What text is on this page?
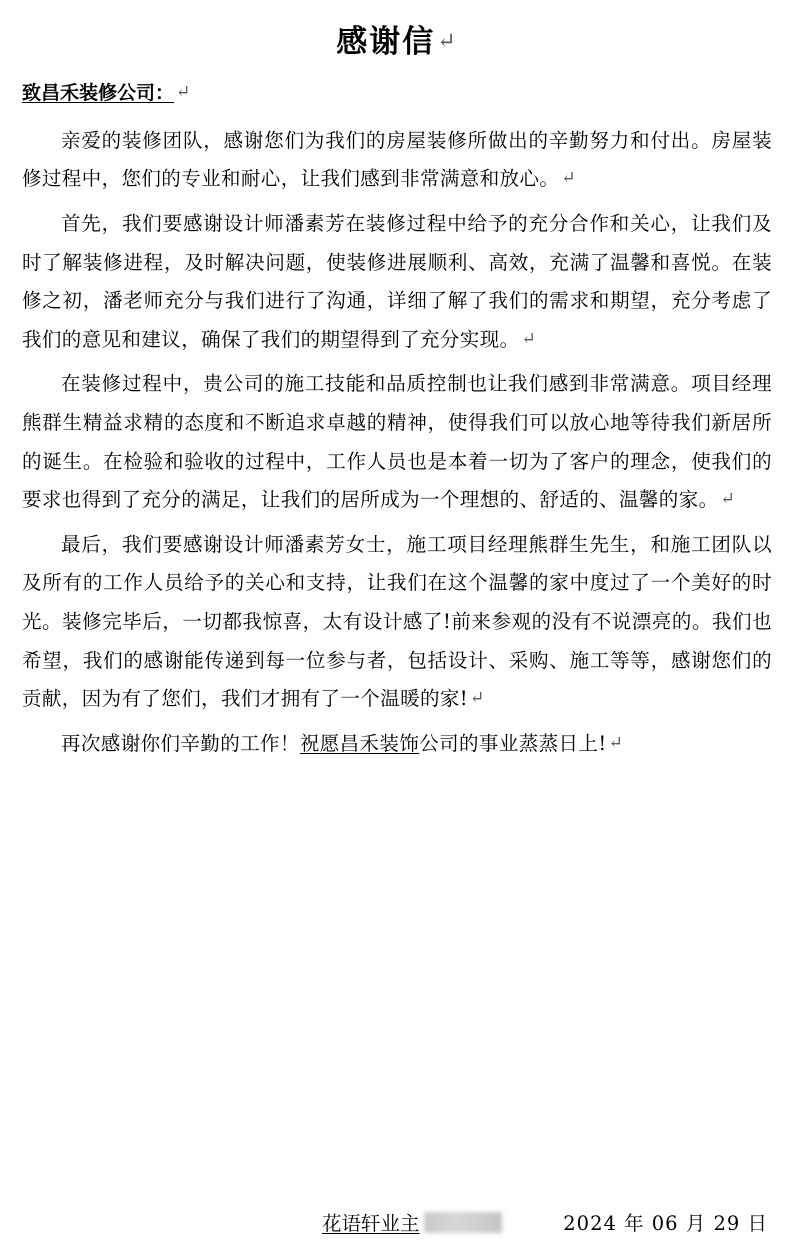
感谢信↵
致昌禾装修公司： ↵

亲爱的装修团队，感谢您们为我们的房屋装修所做出的辛勤努力和付出。房屋装修过程中，您们的专业和耐心，让我们感到非常满意和放心。 ↵

首先，我们要感谢设计师潘素芳在装修过程中给予的充分合作和关心，让我们及时了解装修进程，及时解决问题，使装修进展顺利、高效，充满了温馨和喜悦。在装修之初，潘老师充分与我们进行了沟通，详细了解了我们的需求和期望，充分考虑了我们的意见和建议，确保了我们的期望得到了充分实现。 ↵

在装修过程中，贵公司的施工技能和品质控制也让我们感到非常满意。项目经理熊群生精益求精的态度和不断追求卓越的精神，使得我们可以放心地等待我们新居所的诞生。在检验和验收的过程中，工作人员也是本着一切为了客户的理念，使我们的要求也得到了充分的满足，让我们的居所成为一个理想的、舒适的、温馨的家。 ↵

最后，我们要感谢设计师潘素芳女士，施工项目经理熊群生先生，和施工团队以及所有的工作人员给予的关心和支持，让我们在这个温馨的家中度过了一个美好的时光。装修完毕后，一切都我惊喜，太有设计感了!前来参观的没有不说漂亮的。我们也希望，我们的感谢能传递到每一位参与者，包括设计、采购、施工等等，感谢您们的贡献，因为有了您们，我们才拥有了一个温暖的家! ↵

再次感谢你们辛勤的工作！祝愿昌禾装饰公司的事业蒸蒸日上! ↵

花语轩业主	2024 年 06 月 29 日
